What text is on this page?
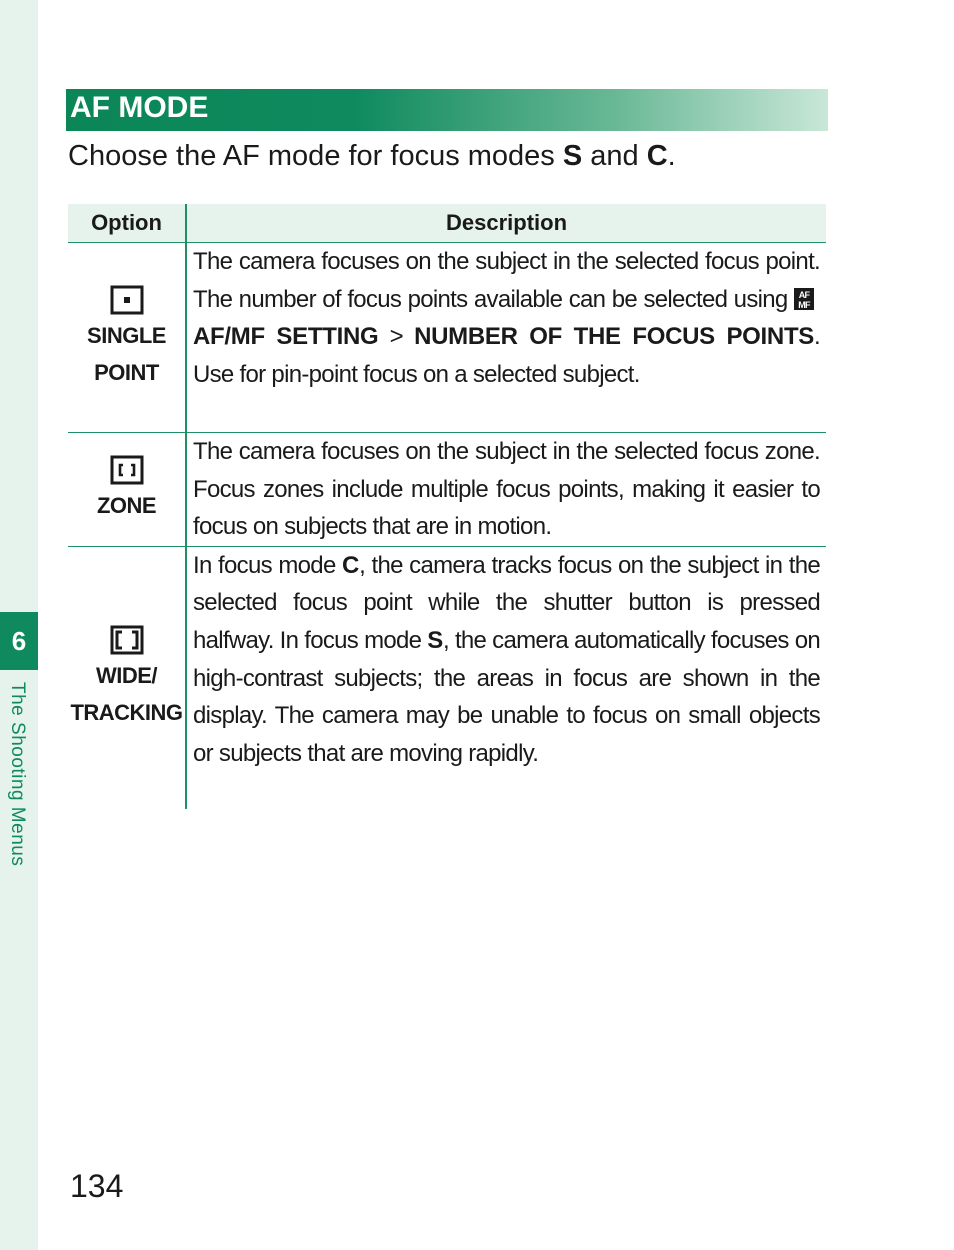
6
The Shooting Menus
AF MODE
Choose the AF mode for focus modes S and C.
Option	Description

SINGLE
POINT	The camera focuses on the subject in the selected focus point. The number of focus points available can be selected using AF
MF
AF/MF SETTING > NUMBER OF THE FOCUS POINTS. Use for pin-point focus on a selected subject.

ZONE	The camera focuses on the subject in the selected focus zone. Focus zones include multiple focus points, making it easier to focus on subjects that are in motion.

WIDE/
TRACKING	In focus mode C, the camera tracks focus on the subject in the selected focus point while the shutter button is pressed halfway. In focus mode S, the camera automatically focuses on high-contrast subjects; the areas in focus are shown in the display. The camera may be unable to focus on small objects or subjects that are moving rapidly.
134
